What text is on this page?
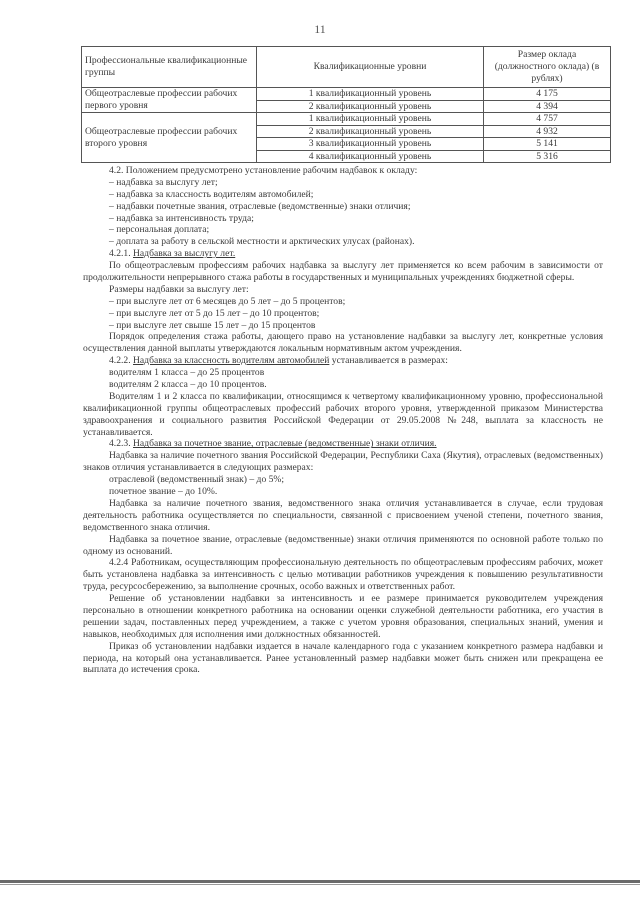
11
Профессиональные квалификационные группы	Квалификационные уровни	Размер оклада (должностного оклада) (в рублях)
Общеотраслевые профессии рабочих первого уровня	1 квалификационный уровень	4 175
	2 квалификационный уровень	4 394
Общеотраслевые профессии рабочих второго уровня	1 квалификационный уровень	4 757
	2 квалификационный уровень	4 932
	3 квалификационный уровень	5 141
	4 квалификационный уровень	5 316

4.2. Положением предусмотрено установление рабочим надбавок к окладу:

– надбавка за выслугу лет;

– надбавка за классность водителям автомобилей;

– надбавки почетные звания, отраслевые (ведомственные) знаки отличия;

– надбавка за интенсивность труда;

– персональная доплата;

– доплата за работу в сельской местности и арктических улусах (районах).

4.2.1. Надбавка за выслугу лет.

По общеотраслевым профессиям рабочих надбавка за выслугу лет применяется ко всем рабочим в зависимости от продолжительности непрерывного стажа работы в государственных и муниципальных учреждениях бюджетной сферы.

Размеры надбавки за выслугу лет:

– при выслуге лет от 6 месяцев до 5 лет – до 5 процентов;

– при выслуге лет от 5 до 15 лет – до 10 процентов;

– при выслуге лет свыше 15 лет – до 15 процентов

Порядок определения стажа работы, дающего право на установление надбавки за выслугу лет, конкретные условия осуществления данной выплаты утверждаются локальным нормативным актом учреждения.

4.2.2. Надбавка за классность водителям автомобилей устанавливается в размерах:

водителям 1 класса – до 25 процентов

водителям 2 класса – до 10 процентов.

Водителям 1 и 2 класса по квалификации, относящимся к четвертому квалификационному уровню, профессиональной квалификационной группы общеотраслевых профессий рабочих второго уровня, утвержденной приказом Министерства здравоохранения и социального развития Российской Федерации от 29.05.2008 №248, выплата за классность не устанавливается.

4.2.3. Надбавка за почетное звание, отраслевые (ведомственные) знаки отличия.

Надбавка за наличие почетного звания Российской Федерации, Республики Саха (Якутия), отраслевых (ведомственных) знаков отличия устанавливается в следующих размерах:

отраслевой (ведомственный знак) – до 5%;

почетное звание – до 10%.

Надбавка за наличие почетного звания, ведомственного знака отличия устанавливается в случае, если трудовая деятельность работника осуществляется по специальности, связанной с присвоением ученой степени, почетного звания, ведомственного знака отличия.

Надбавка за почетное звание, отраслевые (ведомственные) знаки отличия применяются по основной работе только по одному из оснований.

4.2.4 Работникам, осуществляющим профессиональную деятельность по общеотраслевым профессиям рабочих, может быть установлена надбавка за интенсивность с целью мотивации работников учреждения к повышению результативности труда, ресурсосбережению, за выполнение срочных, особо важных и ответственных работ.

Решение об установлении надбавки за интенсивность и ее размере принимается руководителем учреждения персонально в отношении конкретного работника на основании оценки служебной деятельности работника, его участия в решении задач, поставленных перед учреждением, а также с учетом уровня образования, специальных знаний, умения и навыков, необходимых для исполнения ими должностных обязанностей.

Приказ об установлении надбавки издается в начале календарного года с указанием конкретного размера надбавки и периода, на который она устанавливается. Ранее установленный размер надбавки может быть снижен или прекращена ее выплата до истечения срока.
